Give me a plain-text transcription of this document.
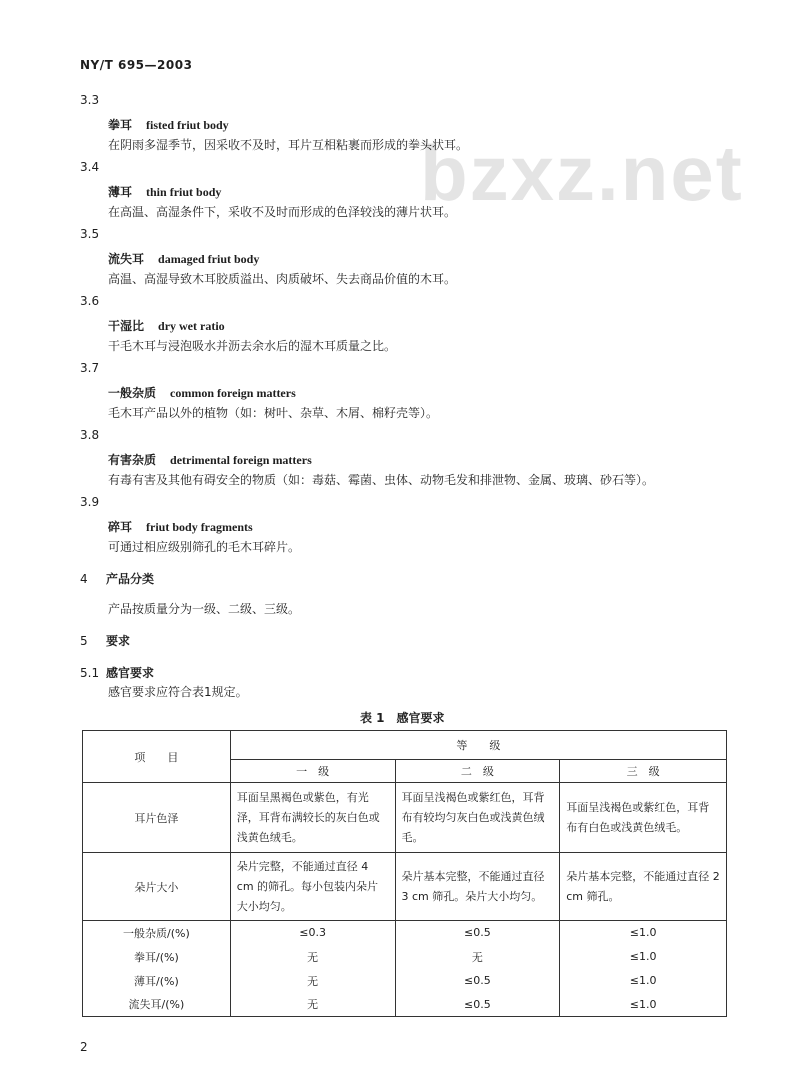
NY/T 695—2003
bzxz.net
3.3
拳耳 fisted friut body
在阴雨多湿季节，因采收不及时，耳片互相粘裹而形成的拳头状耳。
3.4
薄耳 thin friut body
在高温、高湿条件下，采收不及时而形成的色泽较浅的薄片状耳。
3.5
流失耳 damaged friut body
高温、高湿导致木耳胶质溢出、肉质破坏、失去商品价值的木耳。
3.6
干湿比 dry wet ratio
干毛木耳与浸泡吸水并沥去余水后的湿木耳质量之比。
3.7
一般杂质 common foreign matters
毛木耳产品以外的植物（如：树叶、杂草、木屑、棉籽壳等）。
3.8
有害杂质 detrimental foreign matters
有毒有害及其他有碍安全的物质（如：毒菇、霉菌、虫体、动物毛发和排泄物、金属、玻璃、砂石等）。
3.9
碎耳 friut body fragments
可通过相应级别筛孔的毛木耳碎片。
4 产品分类
产品按质量分为一级、二级、三级。
5 要求
5.1 感官要求
感官要求应符合表1规定。
表 1　感官要求
项　　目	等　　级		
	一　级	二　级	三　级
耳片色泽	耳面呈黑褐色或紫色，有光泽，耳背布满较长的灰白色或浅黄色绒毛。	耳面呈浅褐色或紫红色，耳背布有较均匀灰白色或浅黄色绒毛。	耳面呈浅褐色或紫红色，耳背布有白色或浅黄色绒毛。
朵片大小	朵片完整，不能通过直径 4 cm 的筛孔。每小包装内朵片大小均匀。	朵片基本完整，不能通过直径 3 cm 筛孔。朵片大小均匀。	朵片基本完整，不能通过直径 2 cm 筛孔。
一般杂质/(%)	≤0.3	≤0.5	≤1.0
拳耳/(%)	无	无	≤1.0
薄耳/(%)	无	≤0.5	≤1.0
流失耳/(%)	无	≤0.5	≤1.0
2
